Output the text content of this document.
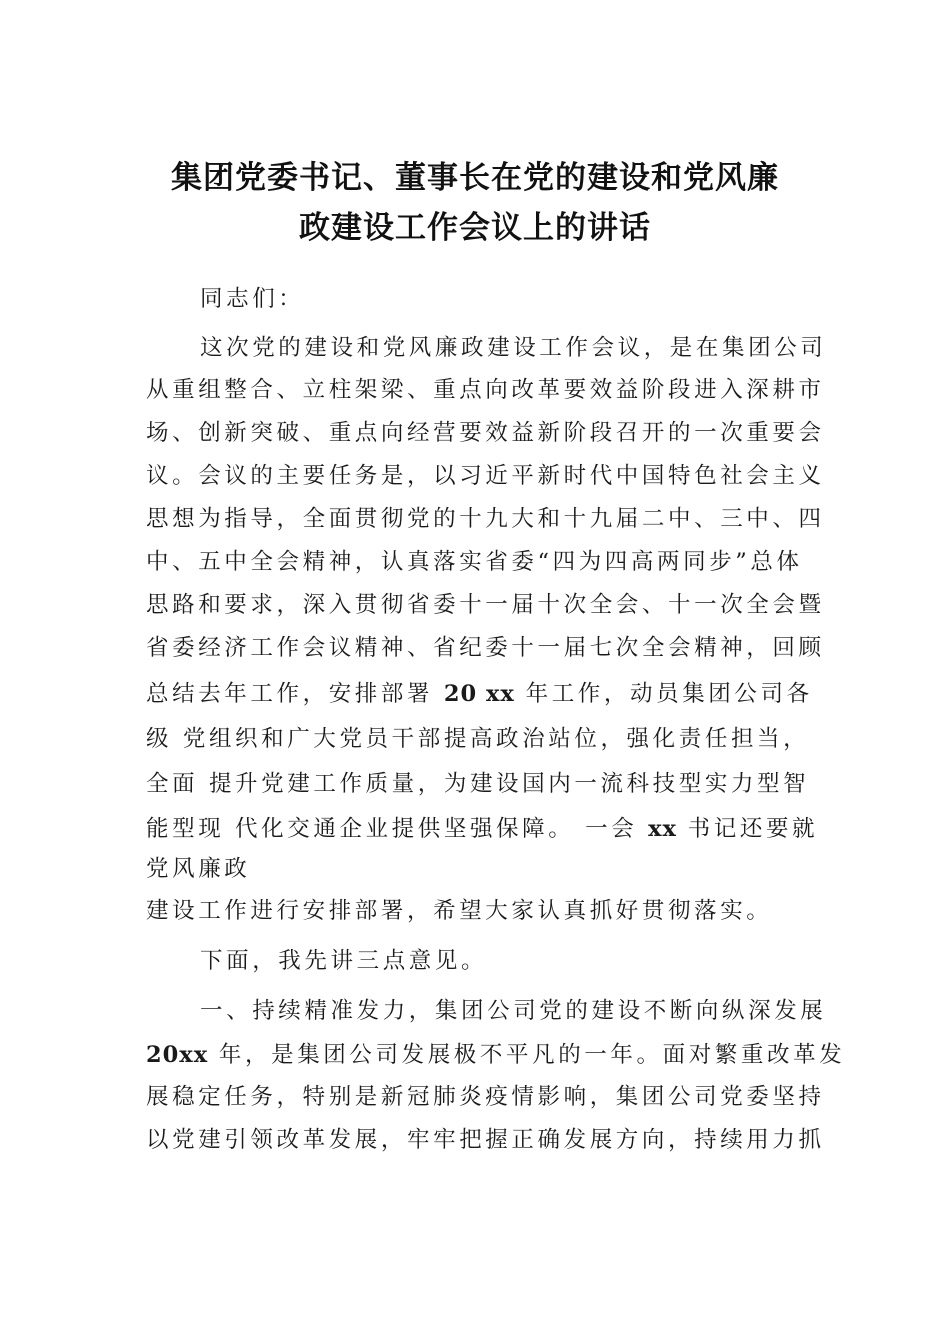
集团党委书记、董事长在党的建设和党风廉
政建设工作会议上的讲话
同志们：
这次党的建设和党风廉政建设工作会议，是在集团公司
从重组整合、立柱架梁、重点向改革要效益阶段进入深耕市
场、创新突破、重点向经营要效益新阶段召开的一次重要会
议。会议的主要任务是，以习近平新时代中国特色社会主义
思想为指导，全面贯彻党的十九大和十九届二中、三中、四
中、五中全会精神，认真落实省委“四为四高两同步”总体
思路和要求，深入贯彻省委十一届十次全会、十一次全会暨
省委经济工作会议精神、省纪委十一届七次全会精神，回顾
总结去年工作，安排部署 20 xx 年工作，动员集团公司各
级 党组织和广大党员干部提高政治站位，强化责任担当，
全面 提升党建工作质量，为建设国内一流科技型实力型智
能型现 代化交通企业提供坚强保障。 一会 xx 书记还要就
党风廉政
建设工作进行安排部署，希望大家认真抓好贯彻落实。
下面，我先讲三点意见。
一、持续精准发力，集团公司党的建设不断向纵深发展
20xx 年，是集团公司发展极不平凡的一年。面对繁重改革发
展稳定任务，特别是新冠肺炎疫情影响，集团公司党委坚持
以党建引领改革发展，牢牢把握正确发展方向，持续用力抓
